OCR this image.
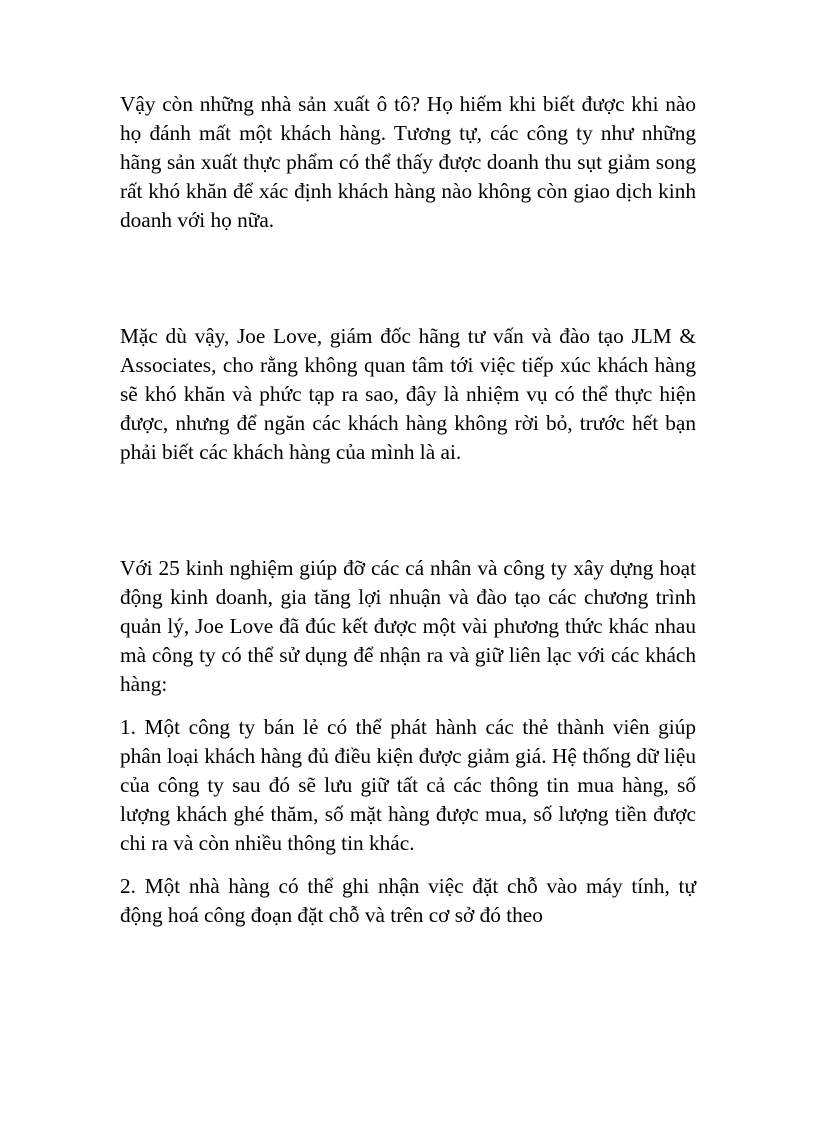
Vậy còn những nhà sản xuất ô tô? Họ hiếm khi biết được khi nào họ đánh mất một khách hàng. Tương tự, các công ty như những hãng sản xuất thực phẩm có thể thấy được doanh thu sụt giảm song rất khó khăn để xác định khách hàng nào không còn giao dịch kinh doanh với họ nữa.

Mặc dù vậy, Joe Love, giám đốc hãng tư vấn và đào tạo JLM & Associates, cho rằng không quan tâm tới việc tiếp xúc khách hàng sẽ khó khăn và phức tạp ra sao, đây là nhiệm vụ có thể thực hiện được, nhưng để ngăn các khách hàng không rời bỏ, trước hết bạn phải biết các khách hàng của mình là ai.

Với 25 kinh nghiệm giúp đỡ các cá nhân và công ty xây dựng hoạt động kinh doanh, gia tăng lợi nhuận và đào tạo các chương trình quản lý, Joe Love đã đúc kết được một vài phương thức khác nhau mà công ty có thể sử dụng để nhận ra và giữ liên lạc với các khách hàng:

1. Một công ty bán lẻ có thể phát hành các thẻ thành viên giúp phân loại khách hàng đủ điều kiện được giảm giá. Hệ thống dữ liệu của công ty sau đó sẽ lưu giữ tất cả các thông tin mua hàng, số lượng khách ghé thăm, số mặt hàng được mua, số lượng tiền được chi ra và còn nhiều thông tin khác.

2. Một nhà hàng có thể ghi nhận việc đặt chỗ vào máy tính, tự động hoá công đoạn đặt chỗ và trên cơ sở đó theo
